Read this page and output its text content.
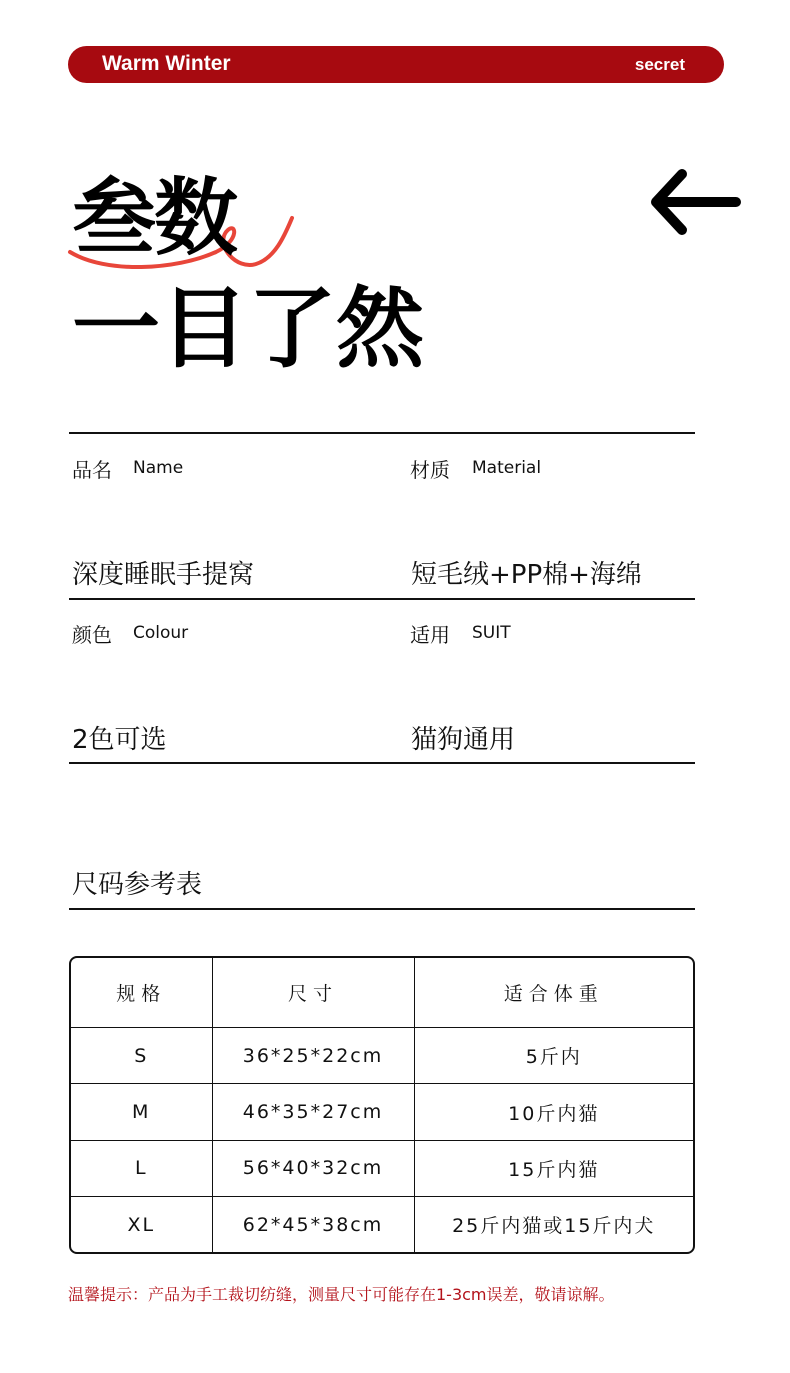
Warm Winter	secret
叁数
一目了然
品名 Name	材质 Material
深度睡眠手提窝	短毛绒+PP棉+海绵
颜色 Colour	适用 SUIT
2色可选	猫狗通用
尺码参考表
规格	尺寸	适合体重
S	36*25*22cm	5斤内
M	46*35*27cm	10斤内猫
L	56*40*32cm	15斤内猫
XL	62*45*38cm	25斤内猫或15斤内犬
温馨提示：产品为手工裁切纺缝，测量尺寸可能存在1-3cm误差，敬请谅解。
